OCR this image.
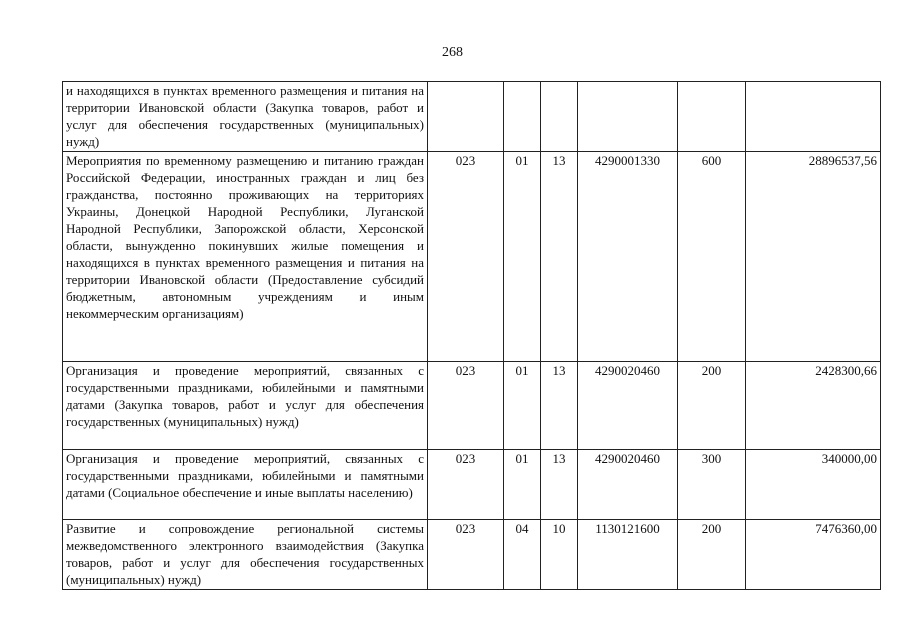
268
и находящихся в пунктах временного размещения и питания на территории Ивановской области (Закупка товаров, работ и услуг для обеспечения государственных (муниципальных) нужд)						
Мероприятия по временному размещению и питанию граждан Российской Федерации, иностранных граждан и лиц без гражданства, постоянно проживающих на территориях Украины, Донецкой Народной Республики, Луганской Народной Республики, Запорожской области, Херсонской области, вынужденно покинувших жилые помещения и находящихся в пунктах временного размещения и питания на территории Ивановской области (Предоставление субсидий бюджетным, автономным учреждениям и иным некоммерческим организациям)	023	01	13	4290001330	600	28896537,56
Организация и проведение мероприятий, связанных с государственными праздниками, юбилейными и памятными датами (Закупка товаров, работ и услуг для обеспечения государственных (муниципальных) нужд)	023	01	13	4290020460	200	2428300,66
Организация и проведение мероприятий, связанных с государственными праздниками, юбилейными и памятными датами (Социальное обеспечение и иные выплаты населению)	023	01	13	4290020460	300	340000,00
Развитие и сопровождение региональной системы межведомственного электронного взаимодействия (Закупка товаров, работ и услуг для обеспечения государственных (муниципальных) нужд)	023	04	10	1130121600	200	7476360,00
